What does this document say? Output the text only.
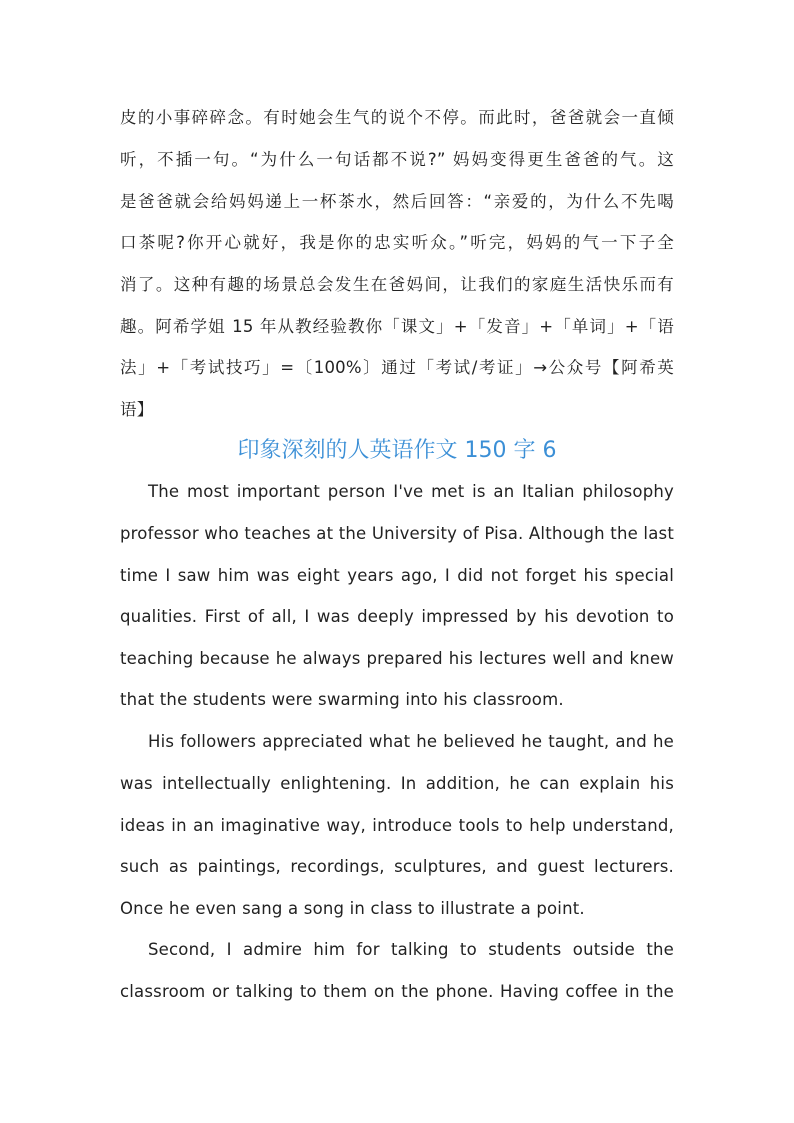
皮的小事碎碎念。有时她会生气的说个不停。而此时，爸爸就会一直倾
听，不插一句。“为什么一句话都不说?” 妈妈变得更生爸爸的气。这
是爸爸就会给妈妈递上一杯茶水，然后回答：“亲爱的，为什么不先喝
口茶呢?你开心就好，我是你的忠实听众。”听完，妈妈的气一下子全
消了。这种有趣的场景总会发生在爸妈间，让我们的家庭生活快乐而有
趣。阿希学姐 15 年从教经验教你「课文」+「发音」+「单词」+「语
法」+「考试技巧」=〔100%〕通过「考试/考证」→公众号【阿希英
语】
印象深刻的人英语作文 150 字 6
The most important person I've met is an Italian philosophy
professor who teaches at the University of Pisa. Although the last
time I saw him was eight years ago, I did not forget his special
qualities. First of all, I was deeply impressed by his devotion to
teaching because he always prepared his lectures well and knew
that the students were swarming into his classroom.
His followers appreciated what he believed he taught, and he
was intellectually enlightening. In addition, he can explain his
ideas in an imaginative way, introduce tools to help understand,
such as paintings, recordings, sculptures, and guest lecturers.
Once he even sang a song in class to illustrate a point.
Second, I admire him for talking to students outside the
classroom or talking to them on the phone. Having coffee in the
